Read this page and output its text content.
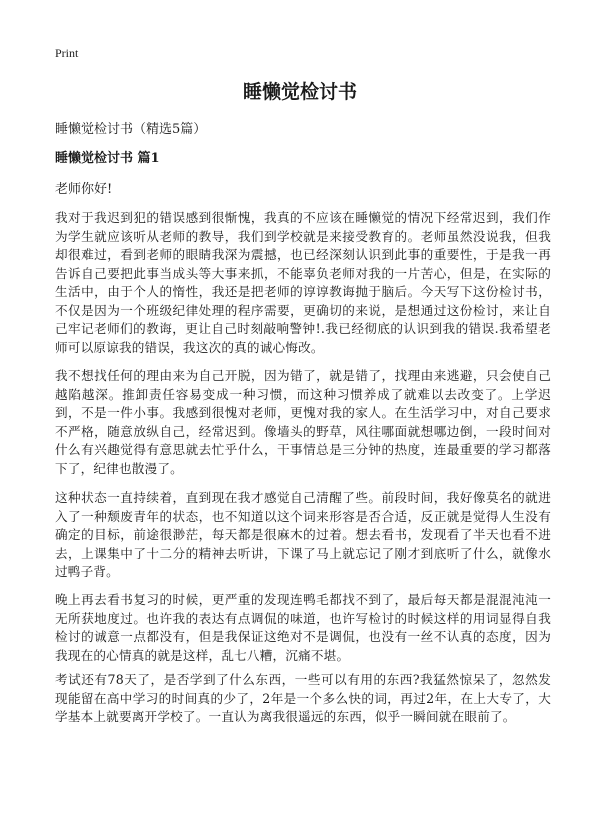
Print
睡懒觉检讨书
睡懒觉检讨书（精选5篇）
睡懒觉检讨书 篇1
老师你好!

我对于我迟到犯的错误感到很惭愧，我真的不应该在睡懒觉的情况下经常迟到，我们作为学生就应该听从老师的教导，我们到学校就是来接受教育的。老师虽然没说我，但我却很难过，看到老师的眼睛我深为震撼，也已经深刻认识到此事的重要性，于是我一再告诉自己要把此事当成头等大事来抓，不能辜负老师对我的一片苦心，但是，在实际的生活中，由于个人的惰性，我还是把老师的谆谆教诲抛于脑后。今天写下这份检讨书，不仅是因为一个班级纪律处理的程序需要，更确切的来说，是想通过这份检讨，来让自己牢记老师们的教诲，更让自己时刻敲响警钟!.我已经彻底的认识到我的错误.我希望老师可以原谅我的错误，我这次的真的诚心悔改。

我不想找任何的理由来为自己开脱，因为错了，就是错了，找理由来逃避，只会使自己越陷越深。推卸责任容易变成一种习惯，而这种习惯养成了就难以去改变了。上学迟到，不是一件小事。我感到很愧对老师，更愧对我的家人。在生活学习中，对自己要求不严格，随意放纵自己，经常迟到。像墙头的野草，风往哪面就想哪边倒，一段时间对什么有兴趣觉得有意思就去忙乎什么，干事情总是三分钟的热度，连最重要的学习都落下了，纪律也散漫了。

这种状态一直持续着，直到现在我才感觉自己清醒了些。前段时间，我好像莫名的就进入了一种颓废青年的状态，也不知道以这个词来形容是否合适，反正就是觉得人生没有确定的目标，前途很渺茫，每天都是很麻木的过着。想去看书，发现看了半天也看不进去，上课集中了十二分的精神去听讲，下课了马上就忘记了刚才到底听了什么，就像水过鸭子背。

晚上再去看书复习的时候，更严重的发现连鸭毛都找不到了，最后每天都是混混沌沌一无所获地度过。也许我的表达有点调侃的味道，也许写检讨的时候这样的用词显得自我检讨的诚意一点都没有，但是我保证这绝对不是调侃，也没有一丝不认真的态度，因为我现在的心情真的就是这样，乱七八糟，沉痛不堪。

考试还有78天了，是否学到了什么东西，一些可以有用的东西?我猛然惊呆了，忽然发现能留在高中学习的时间真的少了，2年是一个多么快的词，再过2年，在上大专了，大学基本上就要离开学校了。一直认为离我很遥远的东西，似乎一瞬间就在眼前了。
